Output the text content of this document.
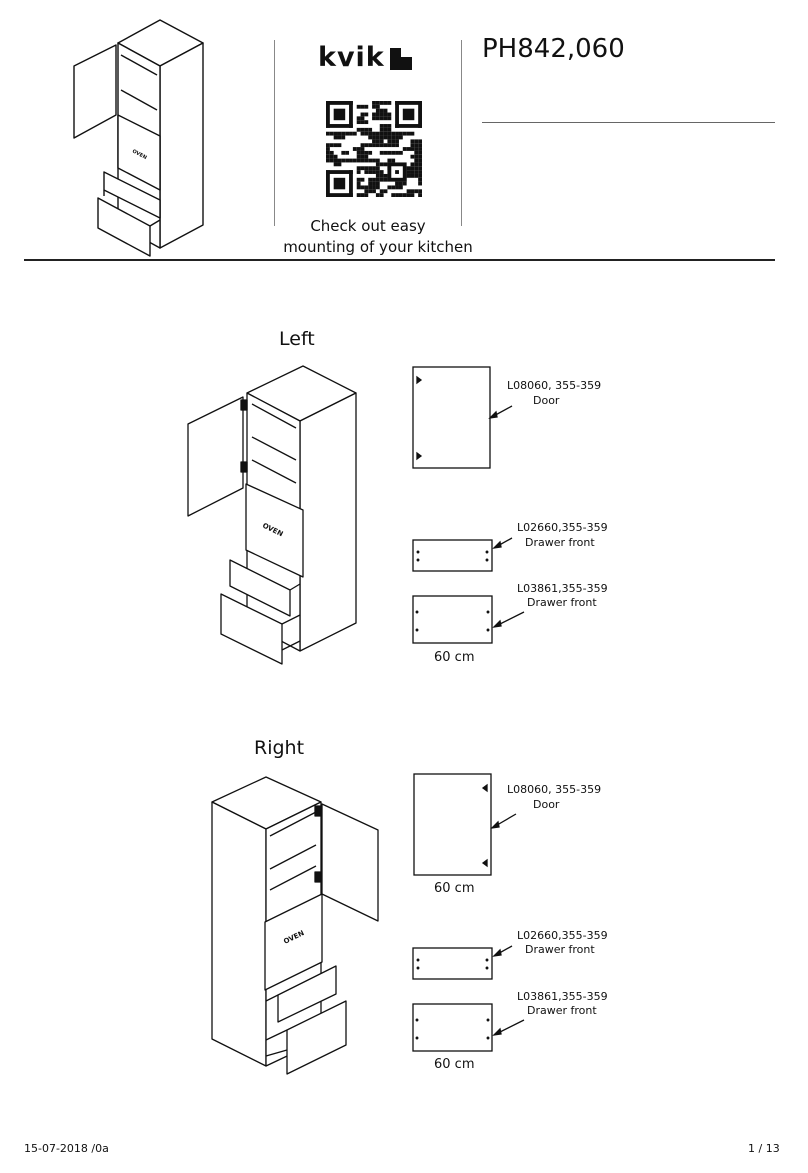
OVEN
kvik
Check out easy
mounting of your kitchen
PH842,060
Left
OVEN
L08060, 355-359
Door
L02660,355-359
Drawer front
L03861,355-359
Drawer front
60 cm
Right
OVEN
L08060, 355-359
Door
60 cm
L02660,355-359
Drawer front
L03861,355-359
Drawer front
60 cm
15-07-2018 /0a	1 / 13
